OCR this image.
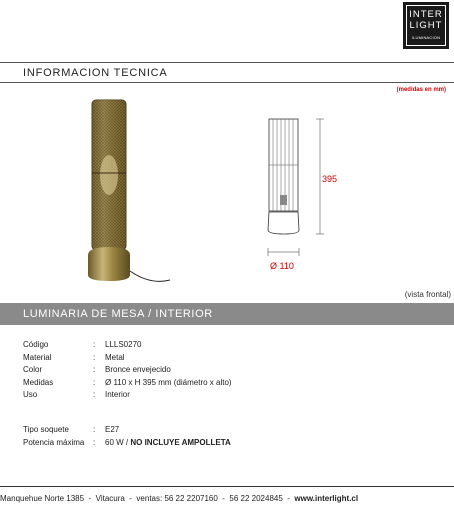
INTER
LIGHT
ILUMINACION
INFORMACION TECNICA
(medidas en mm)
395
Ø 110
(vista frontal)
LUMINARIA DE MESA / INTERIOR
Código	:	LLLS0270
Material	:	Metal
Color	:	Bronce envejecido
Medidas	:	Ø 110 x H 395 mm (diámetro x alto)
Uso	:	Interior
Tipo soquete	:	E27
Potencia máxima	:	60 W / NO INCLUYE AMPOLLETA
Manquehue Norte 1385 - Vitacura - ventas: 56 22 2207160 - 56 22 2024845 - www.interlight.cl
